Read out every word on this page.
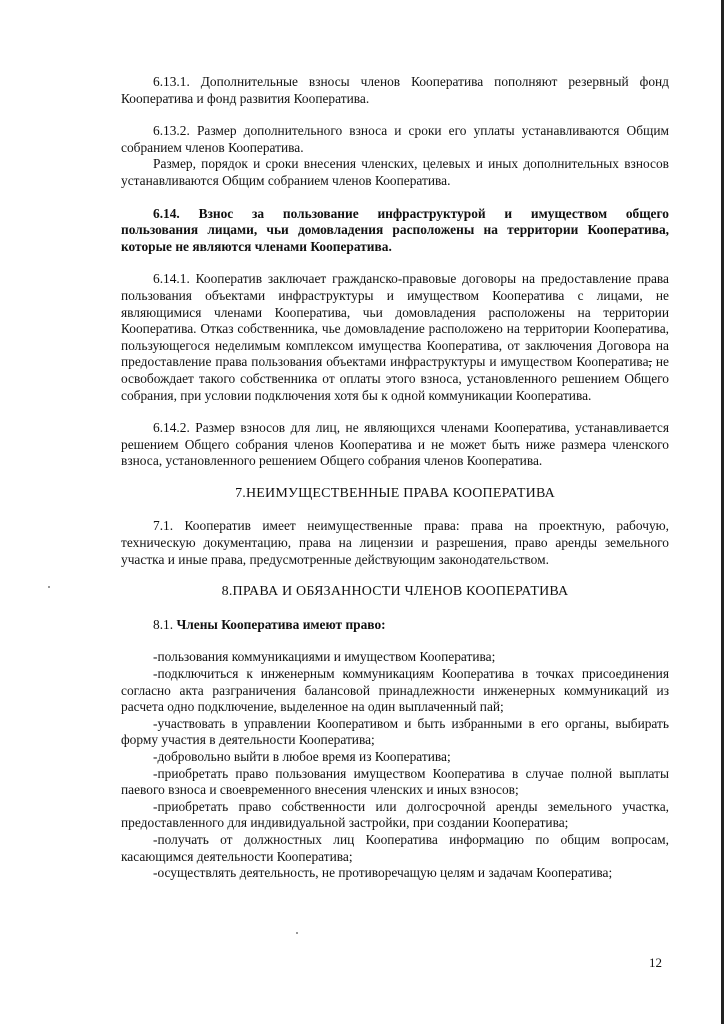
6.13.1. Дополнительные взносы членов Кооператива пополняют резервный фонд Кооператива и фонд развития Кооператива.

6.13.2. Размер дополнительного взноса и сроки его уплаты устанавливаются Общим собранием членов Кооператива.

Размер, порядок и сроки внесения членских, целевых и иных дополнительных взносов устанавливаются Общим собранием членов Кооператива.

6.14. Взнос за пользование инфраструктурой и имуществом общего

пользования лицами, чьи домовладения расположены на территории Кооператива, которые не являются членами Кооператива.

6.14.1. Кооператив заключает гражданско-правовые договоры на предоставление права пользования объектами инфраструктуры и имуществом Кооператива с лицами, не являющимися членами Кооператива, чьи домовладения расположены на территории Кооператива. Отказ собственника, чье домовладение расположено на территории Кооператива, пользующегося неделимым комплексом имущества Кооператива, от заключения Договора на предоставление права пользования объектами инфраструктуры и имуществом Кооператива, не освобождает такого собственника от оплаты этого взноса, установленного решением Общего собрания, при условии подключения хотя бы к одной коммуникации Кооператива.

6.14.2. Размер взносов для лиц, не являющихся членами Кооператива, устанавливается решением Общего собрания членов Кооператива и не может быть ниже размера членского взноса, установленного решением Общего собрания членов Кооператива.

7.НЕИМУЩЕСТВЕННЫЕ ПРАВА КООПЕРАТИВА

7.1. Кооператив имеет неимущественные права: права на проектную, рабочую, техническую документацию, права на лицензии и разрешения, право аренды земельного участка и иные права, предусмотренные действующим законодательством.

8.ПРАВА И ОБЯЗАННОСТИ ЧЛЕНОВ КООПЕРАТИВА

8.1. Члены Кооператива имеют право:

-пользования коммуникациями и имуществом Кооператива;

-подключиться к инженерным коммуникациям Кооператива в точках присоединения согласно акта разграничения балансовой принадлежности инженерных коммуникаций из расчета одно подключение, выделенное на один выплаченный пай;

-участвовать в управлении Кооперативом и быть избранными в его органы, выбирать форму участия в деятельности Кооператива;

-добровольно выйти в любое время из Кооператива;

-приобретать право пользования имуществом Кооператива в случае полной выплаты паевого взноса и своевременного внесения членских и иных взносов;

-приобретать право собственности или долгосрочной аренды земельного участка, предоставленного для индивидуальной застройки, при создании Кооператива;

-получать от должностных лиц Кооператива информацию по общим вопросам, касающимся деятельности Кооператива;

-осуществлять деятельность, не противоречащую целям и задачам Кооператива;

12
